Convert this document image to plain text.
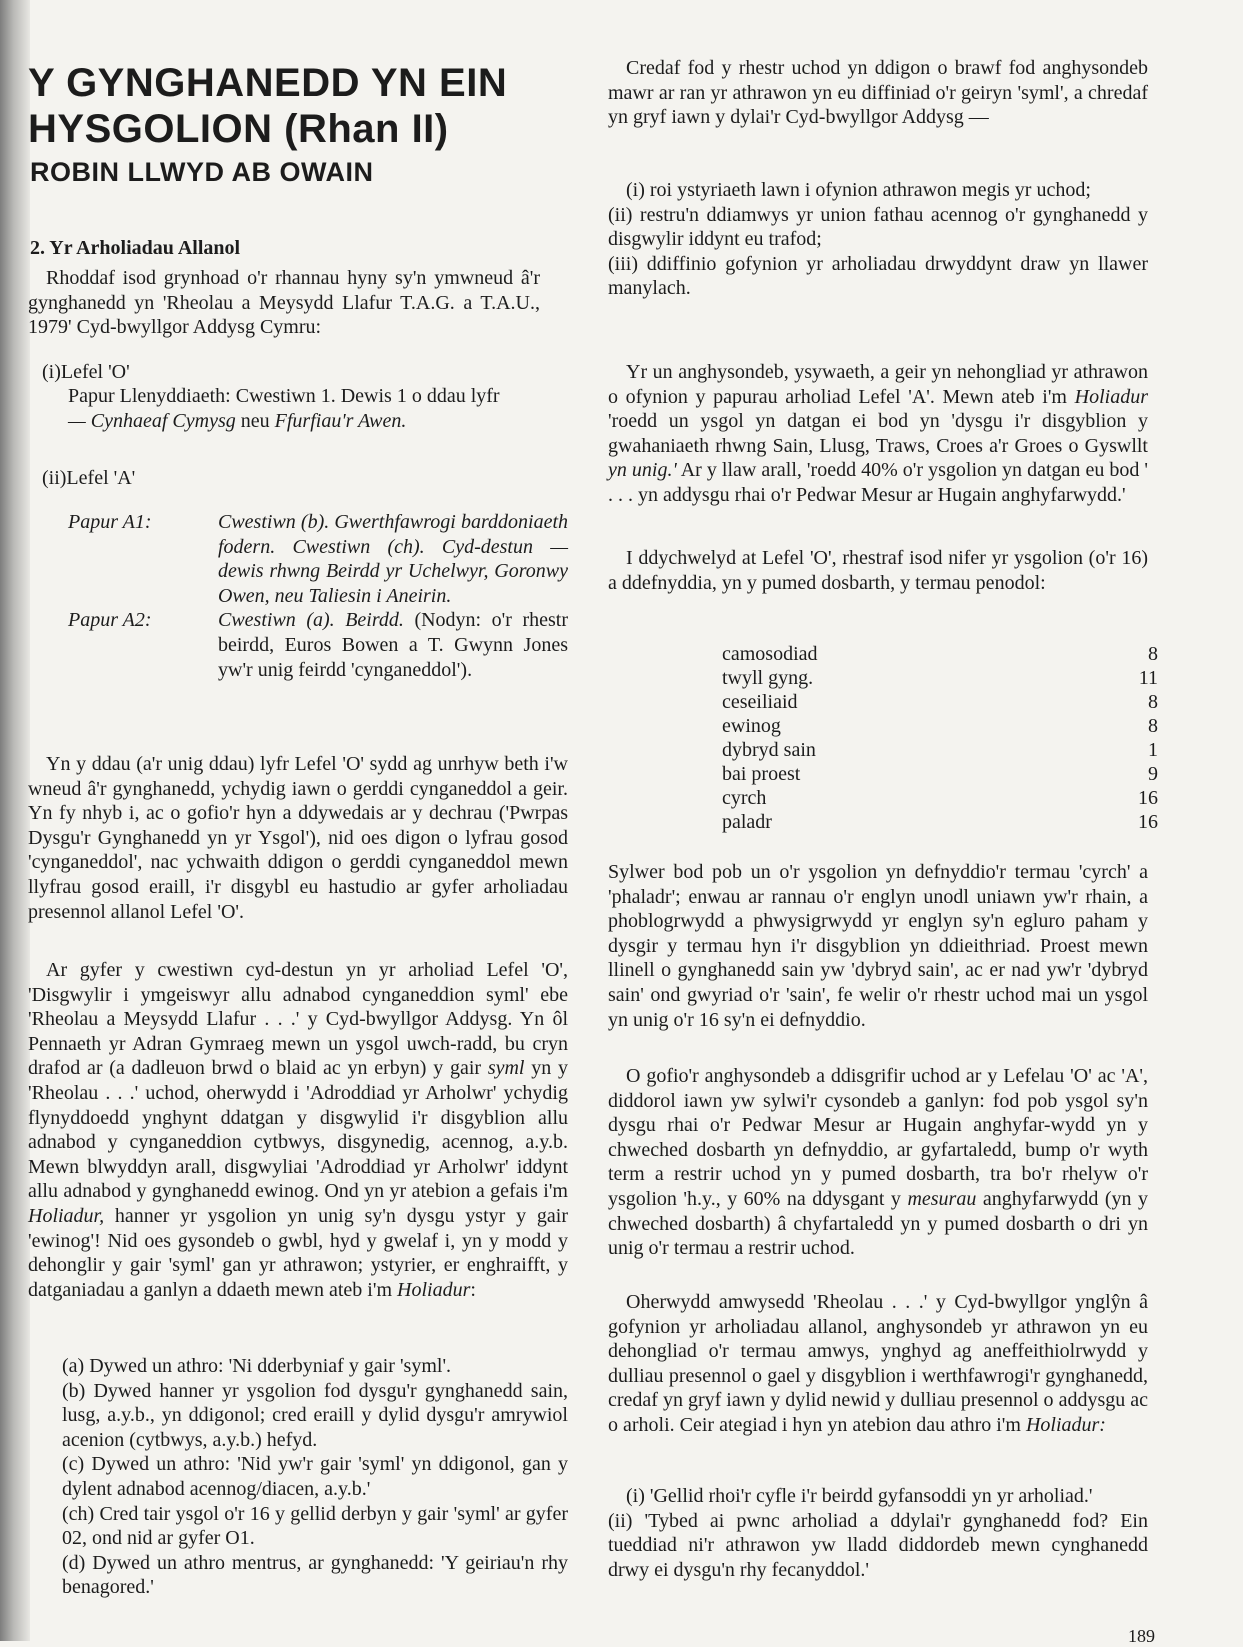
Y GYNGHANEDD YN EIN HYSGOLION (Rhan II)
ROBIN LLWYD AB OWAIN

2. Yr Arholiadau Allanol

Rhoddaf isod grynhoad o'r rhannau hyny sy'n ymwneud â'r gynghanedd yn 'Rheolau a Meysydd Llafur T.A.G. a T.A.U., 1979' Cyd-bwyllgor Addysg Cymru:

(i)Lefel 'O'

Papur Llenyddiaeth: Cwestiwn 1. Dewis 1 o ddau lyfr

— Cynhaeaf Cymysg neu Ffurfiau'r Awen.

(ii)Lefel 'A'

Papur A1:	Cwestiwn (b). Gwerthfawrogi barddoniaeth fodern. Cwestiwn (ch). Cyd-destun — dewis rhwng Beirdd yr Uchelwyr, Goronwy Owen, neu Taliesin i Aneirin.
Papur A2:	Cwestiwn (a). Beirdd. (Nodyn: o'r rhestr beirdd, Euros Bowen a T. Gwynn Jones yw'r unig feirdd 'cynganeddol').

Yn y ddau (a'r unig ddau) lyfr Lefel 'O' sydd ag unrhyw beth i'w wneud â'r gynghanedd, ychydig iawn o gerddi cynganeddol a geir. Yn fy nhyb i, ac o gofio'r hyn a ddywedais ar y dechrau ('Pwrpas Dysgu'r Gynghanedd yn yr Ysgol'), nid oes digon o lyfrau gosod 'cynganeddol', nac ychwaith ddigon o gerddi cynganeddol mewn llyfrau gosod eraill, i'r disgybl eu hastudio ar gyfer arholiadau presennol allanol Lefel 'O'.

Ar gyfer y cwestiwn cyd-destun yn yr arholiad Lefel 'O', 'Disgwylir i ymgeiswyr allu adnabod cynganeddion syml' ebe 'Rheolau a Meysydd Llafur . . .' y Cyd-bwyllgor Addysg. Yn ôl Pennaeth yr Adran Gymraeg mewn un ysgol uwch-radd, bu cryn drafod ar (a dadleuon brwd o blaid ac yn erbyn) y gair syml yn y 'Rheolau . . .' uchod, oherwydd i 'Adroddiad yr Arholwr' ychydig flynyddoedd ynghynt ddatgan y disgwylid i'r disgyblion allu adnabod y cynganeddion cytbwys, disgynedig, acennog, a.y.b. Mewn blwyddyn arall, disgwyliai 'Adroddiad yr Arholwr' iddynt allu adnabod y gynghanedd ewinog. Ond yn yr atebion a gefais i'm Holiadur, hanner yr ysgolion yn unig sy'n dysgu ystyr y gair 'ewinog'! Nid oes gysondeb o gwbl, hyd y gwelaf i, yn y modd y dehonglir y gair 'syml' gan yr athrawon; ystyrier, er enghraifft, y datganiadau a ganlyn a ddaeth mewn ateb i'm Holiadur:

(a) Dywed un athro: 'Ni dderbyniaf y gair 'syml'.

(b) Dywed hanner yr ysgolion fod dysgu'r gynghanedd sain, lusg, a.y.b., yn ddigonol; cred eraill y dylid dysgu'r amrywiol acenion (cytbwys, a.y.b.) hefyd.

(c) Dywed un athro: 'Nid yw'r gair 'syml' yn ddigonol, gan y dylent adnabod acennog/diacen, a.y.b.'

(ch) Cred tair ysgol o'r 16 y gellid derbyn y gair 'syml' ar gyfer 02, ond nid ar gyfer O1.

(d) Dywed un athro mentrus, ar gynghanedd: 'Y geiriau'n rhy benagored.'

Credaf fod y rhestr uchod yn ddigon o brawf fod anghysondeb mawr ar ran yr athrawon yn eu diffiniad o'r geiryn 'syml', a chredaf yn gryf iawn y dylai'r Cyd-bwyllgor Addysg —

(i) roi ystyriaeth lawn i ofynion athrawon megis yr uchod;

(ii) restru'n ddiamwys yr union fathau acennog o'r gynghanedd y disgwylir iddynt eu trafod;

(iii) ddiffinio gofynion yr arholiadau drwyddynt draw yn llawer manylach.

Yr un anghysondeb, ysywaeth, a geir yn nehongliad yr athrawon o ofynion y papurau arholiad Lefel 'A'. Mewn ateb i'm Holiadur 'roedd un ysgol yn datgan ei bod yn 'dysgu i'r disgyblion y gwahaniaeth rhwng Sain, Llusg, Traws, Croes a'r Groes o Gyswllt yn unig.' Ar y llaw arall, 'roedd 40% o'r ysgolion yn datgan eu bod ' . . . yn addysgu rhai o'r Pedwar Mesur ar Hugain anghyfarwydd.'

I ddychwelyd at Lefel 'O', rhestraf isod nifer yr ysgolion (o'r 16) a ddefnyddia, yn y pumed dosbarth, y termau penodol:

camosodiad	8
twyll gyng.	11
ceseiliaid	8
ewinog	8
dybryd sain	1
bai proest	9
cyrch	16
paladr	16

Sylwer bod pob un o'r ysgolion yn defnyddio'r termau 'cyrch' a 'phaladr'; enwau ar rannau o'r englyn unodl uniawn yw'r rhain, a phoblogrwydd a phwysigrwydd yr englyn sy'n egluro paham y dysgir y termau hyn i'r disgyblion yn ddieithriad. Proest mewn llinell o gynghanedd sain yw 'dybryd sain', ac er nad yw'r 'dybryd sain' ond gwyriad o'r 'sain', fe welir o'r rhestr uchod mai un ysgol yn unig o'r 16 sy'n ei defnyddio.

O gofio'r anghysondeb a ddisgrifir uchod ar y Lefelau 'O' ac 'A', diddorol iawn yw sylwi'r cysondeb a ganlyn: fod pob ysgol sy'n dysgu rhai o'r Pedwar Mesur ar Hugain anghyfar-wydd yn y chweched dosbarth yn defnyddio, ar gyfartaledd, bump o'r wyth term a restrir uchod yn y pumed dosbarth, tra bo'r rhelyw o'r ysgolion 'h.y., y 60% na ddysgant y mesurau anghyfarwydd (yn y chweched dosbarth) â chyfartaledd yn y pumed dosbarth o dri yn unig o'r termau a restrir uchod.

Oherwydd amwysedd 'Rheolau . . .' y Cyd-bwyllgor ynglŷn â gofynion yr arholiadau allanol, anghysondeb yr athrawon yn eu dehongliad o'r termau amwys, ynghyd ag aneffeithiolrwydd y dulliau presennol o gael y disgyblion i werthfawrogi'r gynghanedd, credaf yn gryf iawn y dylid newid y dulliau presennol o addysgu ac o arholi. Ceir ategiad i hyn yn atebion dau athro i'm Holiadur:

(i) 'Gellid rhoi'r cyfle i'r beirdd gyfansoddi yn yr arholiad.'

(ii) 'Tybed ai pwnc arholiad a ddylai'r gynghanedd fod? Ein tueddiad ni'r athrawon yw lladd diddordeb mewn cynghanedd drwy ei dysgu'n rhy fecanyddol.'

189
